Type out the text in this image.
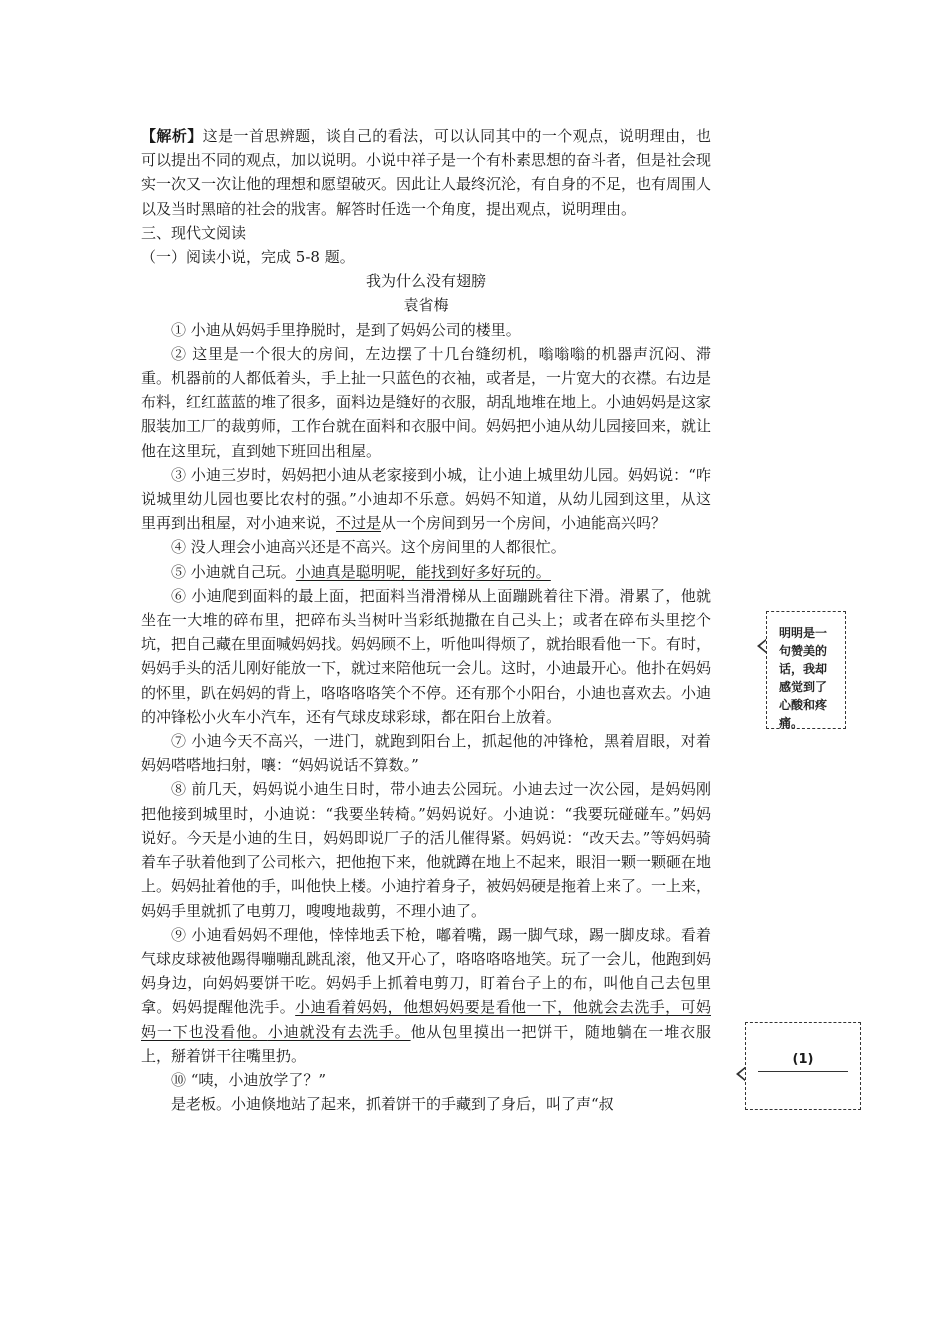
【解析】这是一首思辨题，谈自己的看法，可以认同其中的一个观点，说明理由，也可以提出不同的观点，加以说明。小说中祥子是一个有朴素思想的奋斗者，但是社会现实一次又一次让他的理想和愿望破灭。因此让人最终沉沦，有自身的不足，也有周围人以及当时黑暗的社会的戕害。解答时任选一个角度，提出观点，说明理由。

三、现代文阅读

（一）阅读小说，完成 5-8 题。

我为什么没有翅膀

袁省梅

① 小迪从妈妈手里挣脱时，是到了妈妈公司的楼里。

② 这里是一个很大的房间，左边摆了十几台缝纫机，嗡嗡嗡的机器声沉闷、滞重。机器前的人都低着头，手上扯一只蓝色的衣袖，或者是，一片宽大的衣襟。右边是布料，红红蓝蓝的堆了很多，面料边是缝好的衣服，胡乱地堆在地上。小迪妈妈是这家服装加工厂的裁剪师，工作台就在面料和衣服中间。妈妈把小迪从幼儿园接回来，就让他在这里玩，直到她下班回出租屋。

③ 小迪三岁时，妈妈把小迪从老家接到小城，让小迪上城里幼儿园。妈妈说：“咋说城里幼儿园也要比农村的强。”小迪却不乐意。妈妈不知道，从幼儿园到这里，从这里再到出租屋，对小迪来说，不过是从一个房间到另一个房间，小迪能高兴吗？

④ 没人理会小迪高兴还是不高兴。这个房间里的人都很忙。

⑤ 小迪就自己玩。小迪真是聪明呢，能找到好多好玩的。

⑥ 小迪爬到面料的最上面，把面料当滑滑梯从上面蹦跳着往下滑。滑累了，他就坐在一大堆的碎布里，把碎布头当树叶当彩纸抛撒在自己头上；或者在碎布头里挖个坑，把自己藏在里面喊妈妈找。妈妈顾不上，听他叫得烦了，就抬眼看他一下。有时，妈妈手头的活儿刚好能放一下，就过来陪他玩一会儿。这时，小迪最开心。他扑在妈妈的怀里，趴在妈妈的背上，咯咯咯咯笑个不停。还有那个小阳台，小迪也喜欢去。小迪的冲锋松小火车小汽车，还有气球皮球彩球，都在阳台上放着。

⑦ 小迪今天不高兴，一进门，就跑到阳台上，抓起他的冲锋枪，黑着眉眼，对着妈妈嗒嗒地扫射，嚷：“妈妈说话不算数。”

⑧ 前几天，妈妈说小迪生日时，带小迪去公园玩。小迪去过一次公园，是妈妈刚把他接到城里时，小迪说：“我要坐转椅。”妈妈说好。小迪说：“我要玩碰碰车。”妈妈说好。今天是小迪的生日，妈妈即说厂子的活儿催得紧。妈妈说：“改天去。”等妈妈骑着车子驮着他到了公司枨六，把他抱下来，他就蹲在地上不起来，眼泪一颗一颗砸在地上。妈妈扯着他的手，叫他快上楼。小迪拧着身子，被妈妈硬是拖着上来了。一上来，妈妈手里就抓了电剪刀，嗖嗖地裁剪，不理小迪了。

⑨ 小迪看妈妈不理他，悻悻地丢下枪，嘟着嘴，踢一脚气球，踢一脚皮球。看着气球皮球被他踢得嘣嘣乱跳乱滚，他又开心了，咯咯咯咯地笑。玩了一会儿，他跑到妈妈身边，向妈妈要饼干吃。妈妈手上抓着电剪刀，盯着台子上的布，叫他自己去包里拿。妈妈提醒他洗手。小迪看着妈妈，他想妈妈要是看他一下，他就会去洗手，可妈妈一下也没看他。小迪就没有去洗手。他从包里摸出一把饼干，随地躺在一堆衣服上，掰着饼干往嘴里扔。

⑩ “咦，小迪放学了？”

是老板。小迪倏地站了起来，抓着饼干的手藏到了身后，叫了声“叔

明明是一句赞美的话，我却感觉到了心酸和疼痛。
(1)
